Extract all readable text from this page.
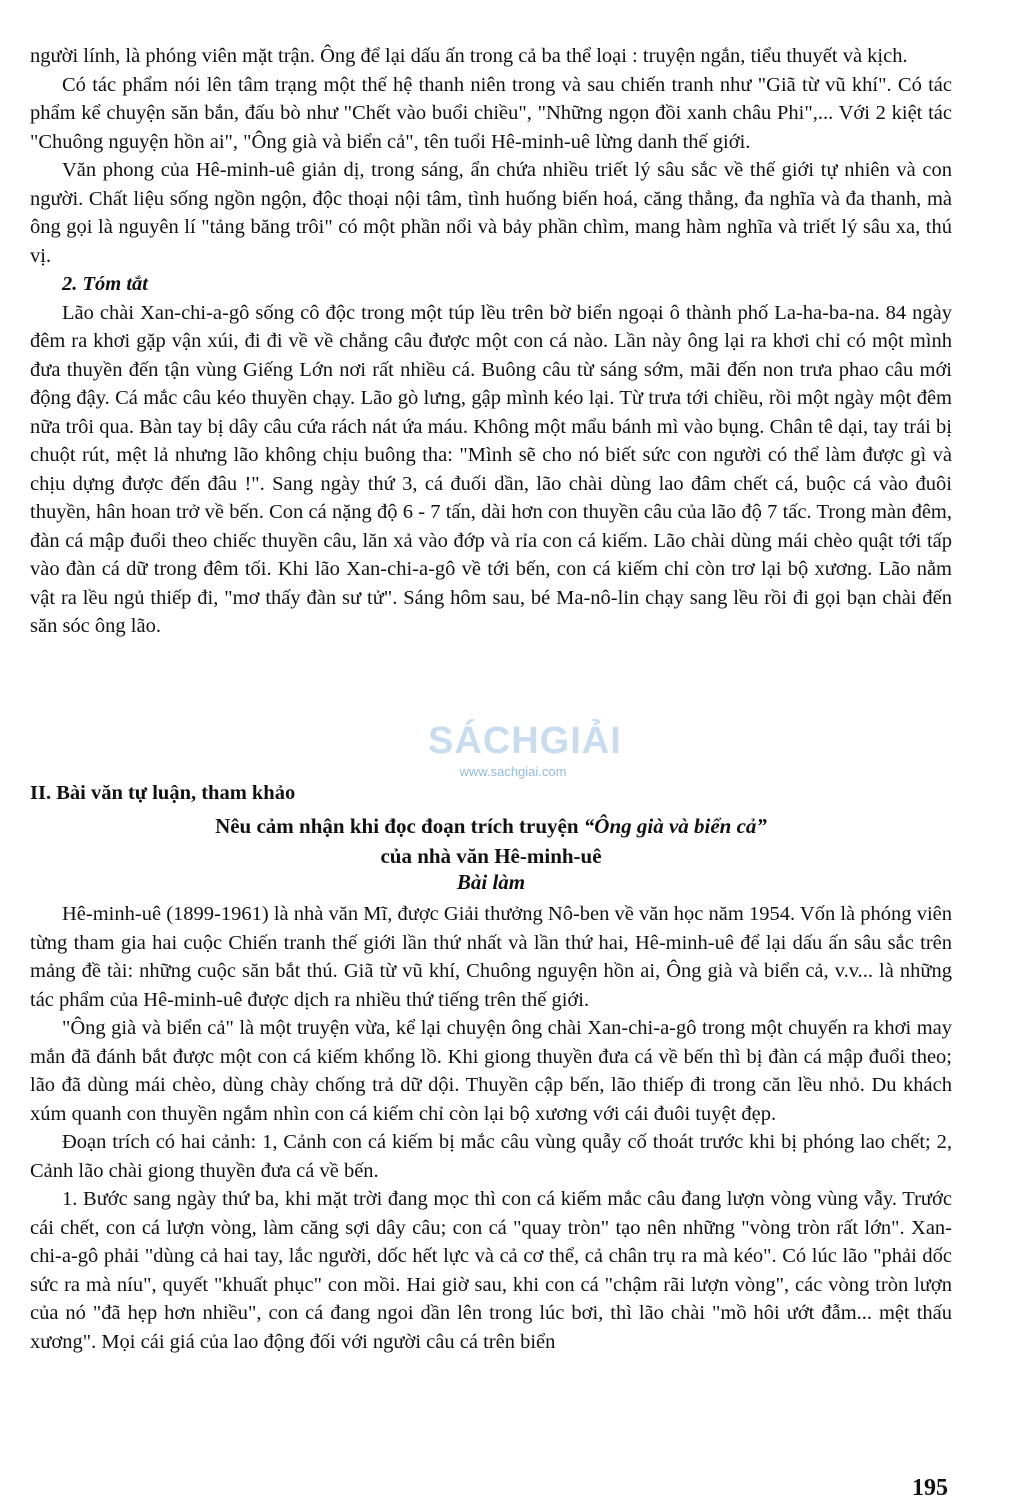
người lính, là phóng viên mặt trận. Ông để lại dấu ấn trong cả ba thể loại : truyện ngắn, tiểu thuyết và kịch.

Có tác phẩm nói lên tâm trạng một thế hệ thanh niên trong và sau chiến tranh như "Giã từ vũ khí". Có tác phẩm kể chuyện săn bắn, đấu bò như "Chết vào buổi chiều", "Những ngọn đồi xanh châu Phi",... Với 2 kiệt tác "Chuông nguyện hồn ai", "Ông già và biển cả", tên tuổi Hê-minh-uê lừng danh thế giới.

Văn phong của Hê-minh-uê giản dị, trong sáng, ẩn chứa nhiều triết lý sâu sắc về thế giới tự nhiên và con người. Chất liệu sống ngồn ngộn, độc thoại nội tâm, tình huống biến hoá, căng thẳng, đa nghĩa và đa thanh, mà ông gọi là nguyên lí "tảng băng trôi" có một phần nổi và bảy phần chìm, mang hàm nghĩa và triết lý sâu xa, thú vị.

2. Tóm tắt

Lão chài Xan-chi-a-gô sống cô độc trong một túp lều trên bờ biển ngoại ô thành phố La-ha-ba-na. 84 ngày đêm ra khơi gặp vận xúi, đi đi về về chẳng câu được một con cá nào. Lần này ông lại ra khơi chỉ có một mình đưa thuyền đến tận vùng Giếng Lớn nơi rất nhiều cá. Buông câu từ sáng sớm, mãi đến non trưa phao câu mới động đậy. Cá mắc câu kéo thuyền chạy. Lão gò lưng, gập mình kéo lại. Từ trưa tới chiều, rồi một ngày một đêm nữa trôi qua. Bàn tay bị dây câu cứa rách nát ứa máu. Không một mẩu bánh mì vào bụng. Chân tê dại, tay trái bị chuột rút, mệt lả nhưng lão không chịu buông tha: "Mình sẽ cho nó biết sức con người có thể làm được gì và chịu dựng được đến đâu !". Sang ngày thứ 3, cá đuối dần, lão chài dùng lao đâm chết cá, buộc cá vào đuôi thuyền, hân hoan trở về bến. Con cá nặng độ 6 - 7 tấn, dài hơn con thuyền câu của lão độ 7 tấc. Trong màn đêm, đàn cá mập đuổi theo chiếc thuyền câu, lăn xả vào đớp và rỉa con cá kiếm. Lão chài dùng mái chèo quật tới tấp vào đàn cá dữ trong đêm tối. Khi lão Xan-chi-a-gô về tới bến, con cá kiếm chỉ còn trơ lại bộ xương. Lão nằm vật ra lều ngủ thiếp đi, "mơ thấy đàn sư tử". Sáng hôm sau, bé Ma-nô-lin chạy sang lều rồi đi gọi bạn chài đến săn sóc ông lão.

SÁCHGIẢI
www.sachgiai.com

II. Bài văn tự luận, tham khảo

Nêu cảm nhận khi đọc đoạn trích truyện “Ông già và biển cả”

của nhà văn Hê-minh-uê

Bài làm

Hê-minh-uê (1899-1961) là nhà văn Mĩ, được Giải thưởng Nô-ben về văn học năm 1954. Vốn là phóng viên từng tham gia hai cuộc Chiến tranh thế giới lần thứ nhất và lần thứ hai, Hê-minh-uê để lại dấu ấn sâu sắc trên mảng đề tài: những cuộc săn bắt thú. Giã từ vũ khí, Chuông nguyện hồn ai, Ông già và biển cả, v.v... là những tác phẩm của Hê-minh-uê được dịch ra nhiều thứ tiếng trên thế giới.

"Ông già và biển cả" là một truyện vừa, kể lại chuyện ông chài Xan-chi-a-gô trong một chuyến ra khơi may mắn đã đánh bắt được một con cá kiếm khổng lồ. Khi giong thuyền đưa cá về bến thì bị đàn cá mập đuổi theo; lão đã dùng mái chèo, dùng chày chống trả dữ dội. Thuyền cập bến, lão thiếp đi trong căn lều nhỏ. Du khách xúm quanh con thuyền ngắm nhìn con cá kiếm chỉ còn lại bộ xương với cái đuôi tuyệt đẹp.

Đoạn trích có hai cảnh: 1, Cảnh con cá kiếm bị mắc câu vùng quẫy cố thoát trước khi bị phóng lao chết; 2, Cảnh lão chài giong thuyền đưa cá về bến.

1. Bước sang ngày thứ ba, khi mặt trời đang mọc thì con cá kiếm mắc câu đang lượn vòng vùng vẫy. Trước cái chết, con cá lượn vòng, làm căng sợi dây câu; con cá "quay tròn" tạo nên những "vòng tròn rất lớn". Xan-chi-a-gô phải "dùng cả hai tay, lắc người, dốc hết lực và cả cơ thể, cả chân trụ ra mà kéo". Có lúc lão "phải dốc sức ra mà níu", quyết "khuất phục" con mồi. Hai giờ sau, khi con cá "chậm rãi lượn vòng", các vòng tròn lượn của nó "đã hẹp hơn nhiều", con cá đang ngoi dần lên trong lúc bơi, thì lão chài "mồ hôi ướt đẫm... mệt thấu xương". Mọi cái giá của lao động đối với người câu cá trên biển

195
